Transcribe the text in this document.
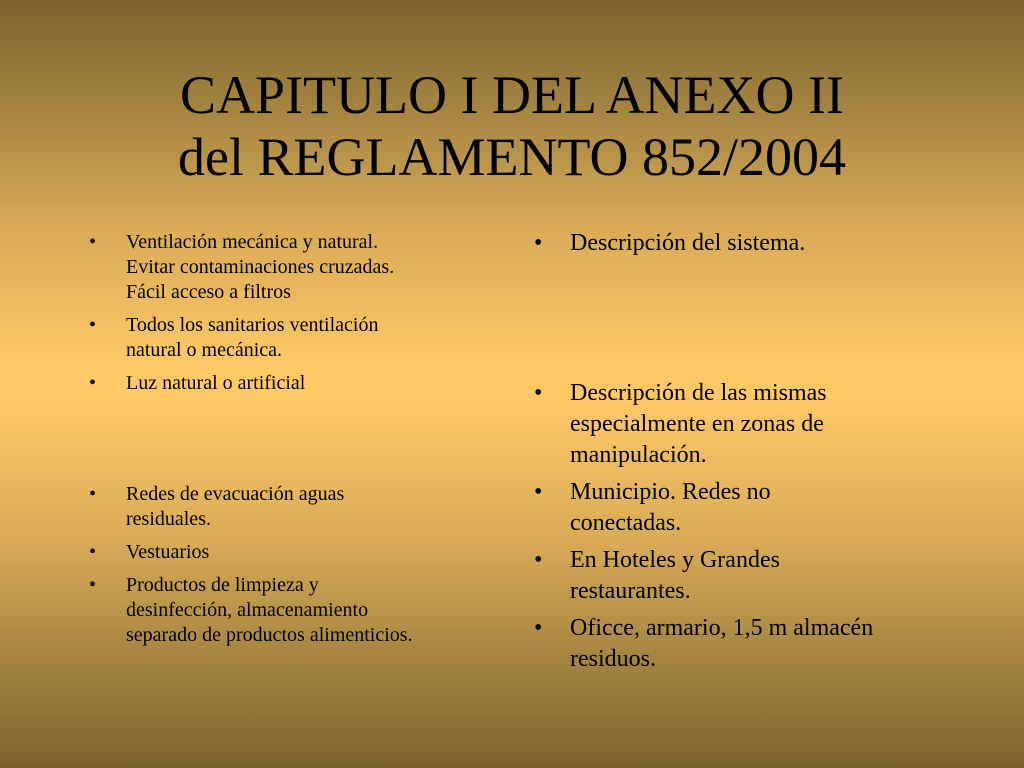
CAPITULO I DEL ANEXO II
del REGLAMENTO 852/2004
• Ventilación mecánica y natural.
Evitar contaminaciones cruzadas.
Fácil acceso a filtros
• Todos los sanitarios ventilación
natural o mecánica.
• Luz natural o artificial
• Redes de evacuación aguas
residuales.
• Vestuarios
• Productos de limpieza y
desinfección, almacenamiento
separado de productos alimenticios.
• Descripción del sistema.
• Descripción de las mismas
especialmente en zonas de
manipulación.
• Municipio. Redes no
conectadas.
• En Hoteles y Grandes
restaurantes.
• Oficce, armario, 1,5 m almacén
residuos.
